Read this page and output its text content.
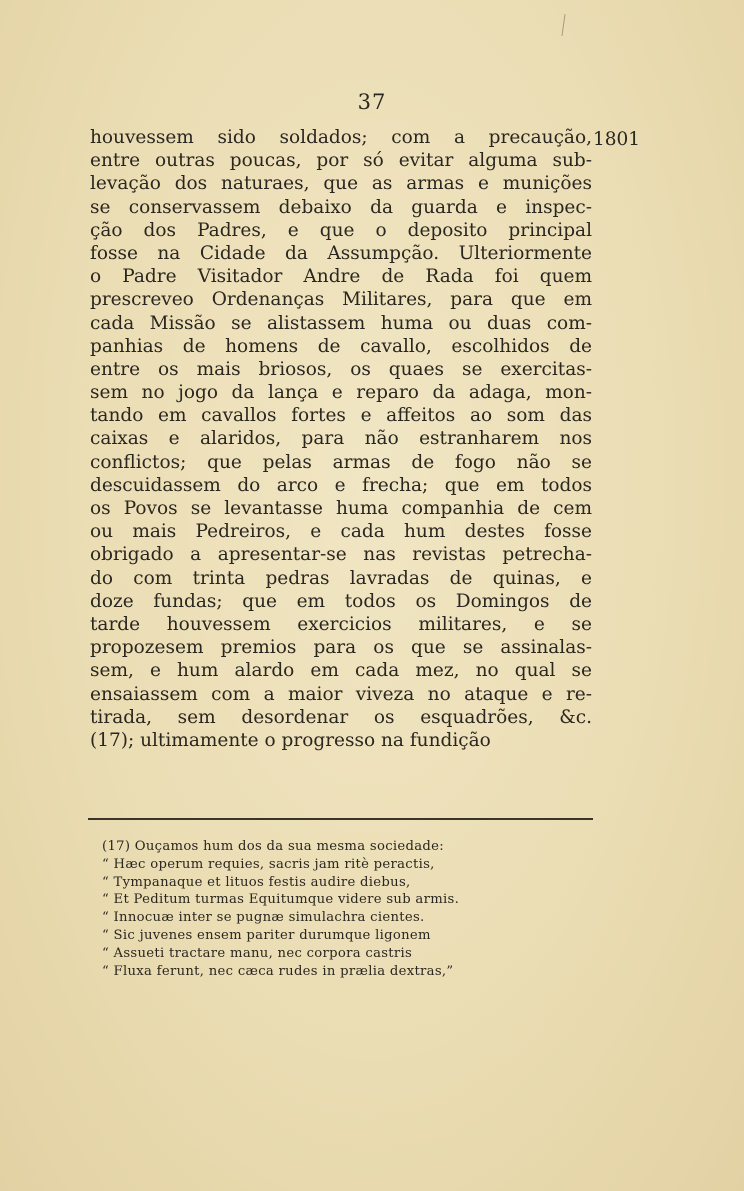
37
1801
houvessem sido soldados; com a precaução,
entre outras poucas, por só evitar alguma sub-
levação dos naturaes, que as armas e munições
se conservassem debaixo da guarda e inspec-
ção dos Padres, e que o deposito principal
fosse na Cidade da Assumpção. Ulteriormente
o Padre Visitador Andre de Rada foi quem
prescreveo Ordenanças Militares, para que em
cada Missão se alistassem huma ou duas com-
panhias de homens de cavallo, escolhidos de
entre os mais briosos, os quaes se exercitas-
sem no jogo da lança e reparo da adaga, mon-
tando em cavallos fortes e affeitos ao som das
caixas e alaridos, para não estranharem nos
conflictos; que pelas armas de fogo não se
descuidassem do arco e frecha; que em todos
os Povos se levantasse huma companhia de cem
ou mais Pedreiros, e cada hum destes fosse
obrigado a apresentar-se nas revistas petrecha-
do com trinta pedras lavradas de quinas, e
doze fundas; que em todos os Domingos de
tarde houvessem exercicios militares, e se
propozesem premios para os que se assinalas-
sem, e hum alardo em cada mez, no qual se
ensaiassem com a maior viveza no ataque e re-
tirada, sem desordenar os esquadrões, &c.
(17); ultimamente o progresso na fundição
(17) Ouçamos hum dos da sua mesma sociedade:
“ Hæc operum requies, sacris jam ritè peractis,
“ Tympanaque et lituos festis audire diebus,
“ Et Peditum turmas Equitumque videre sub armis.
“ Innocuæ inter se pugnæ simulachra cientes.
“ Sic juvenes ensem pariter durumque ligonem
“ Assueti tractare manu, nec corpora castris
“ Fluxa ferunt, nec cæca rudes in prælia dextras,”
